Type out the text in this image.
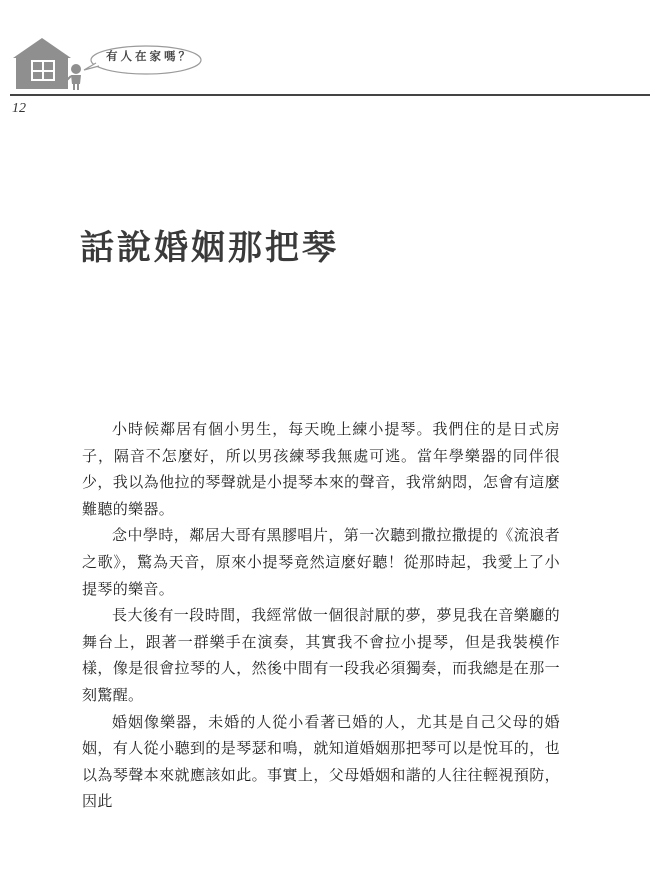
有人在家嗎？
12
話說婚姻那把琴

小時候鄰居有個小男生，每天晚上練小提琴。我們住的是日式房子，隔音不怎麼好，所以男孩練琴我無處可逃。當年學樂器的同伴很少，我以為他拉的琴聲就是小提琴本來的聲音，我常納悶，怎會有這麼難聽的樂器。

念中學時，鄰居大哥有黑膠唱片，第一次聽到撒拉撒提的《流浪者之歌》，驚為天音，原來小提琴竟然這麼好聽！從那時起，我愛上了小提琴的樂音。

長大後有一段時間，我經常做一個很討厭的夢，夢見我在音樂廳的舞台上，跟著一群樂手在演奏，其實我不會拉小提琴，但是我裝模作樣，像是很會拉琴的人，然後中間有一段我必須獨奏，而我總是在那一刻驚醒。

婚姻像樂器，未婚的人從小看著已婚的人，尤其是自己父母的婚姻，有人從小聽到的是琴瑟和鳴，就知道婚姻那把琴可以是悅耳的，也以為琴聲本來就應該如此。事實上，父母婚姻和諧的人往往輕視預防，因此
